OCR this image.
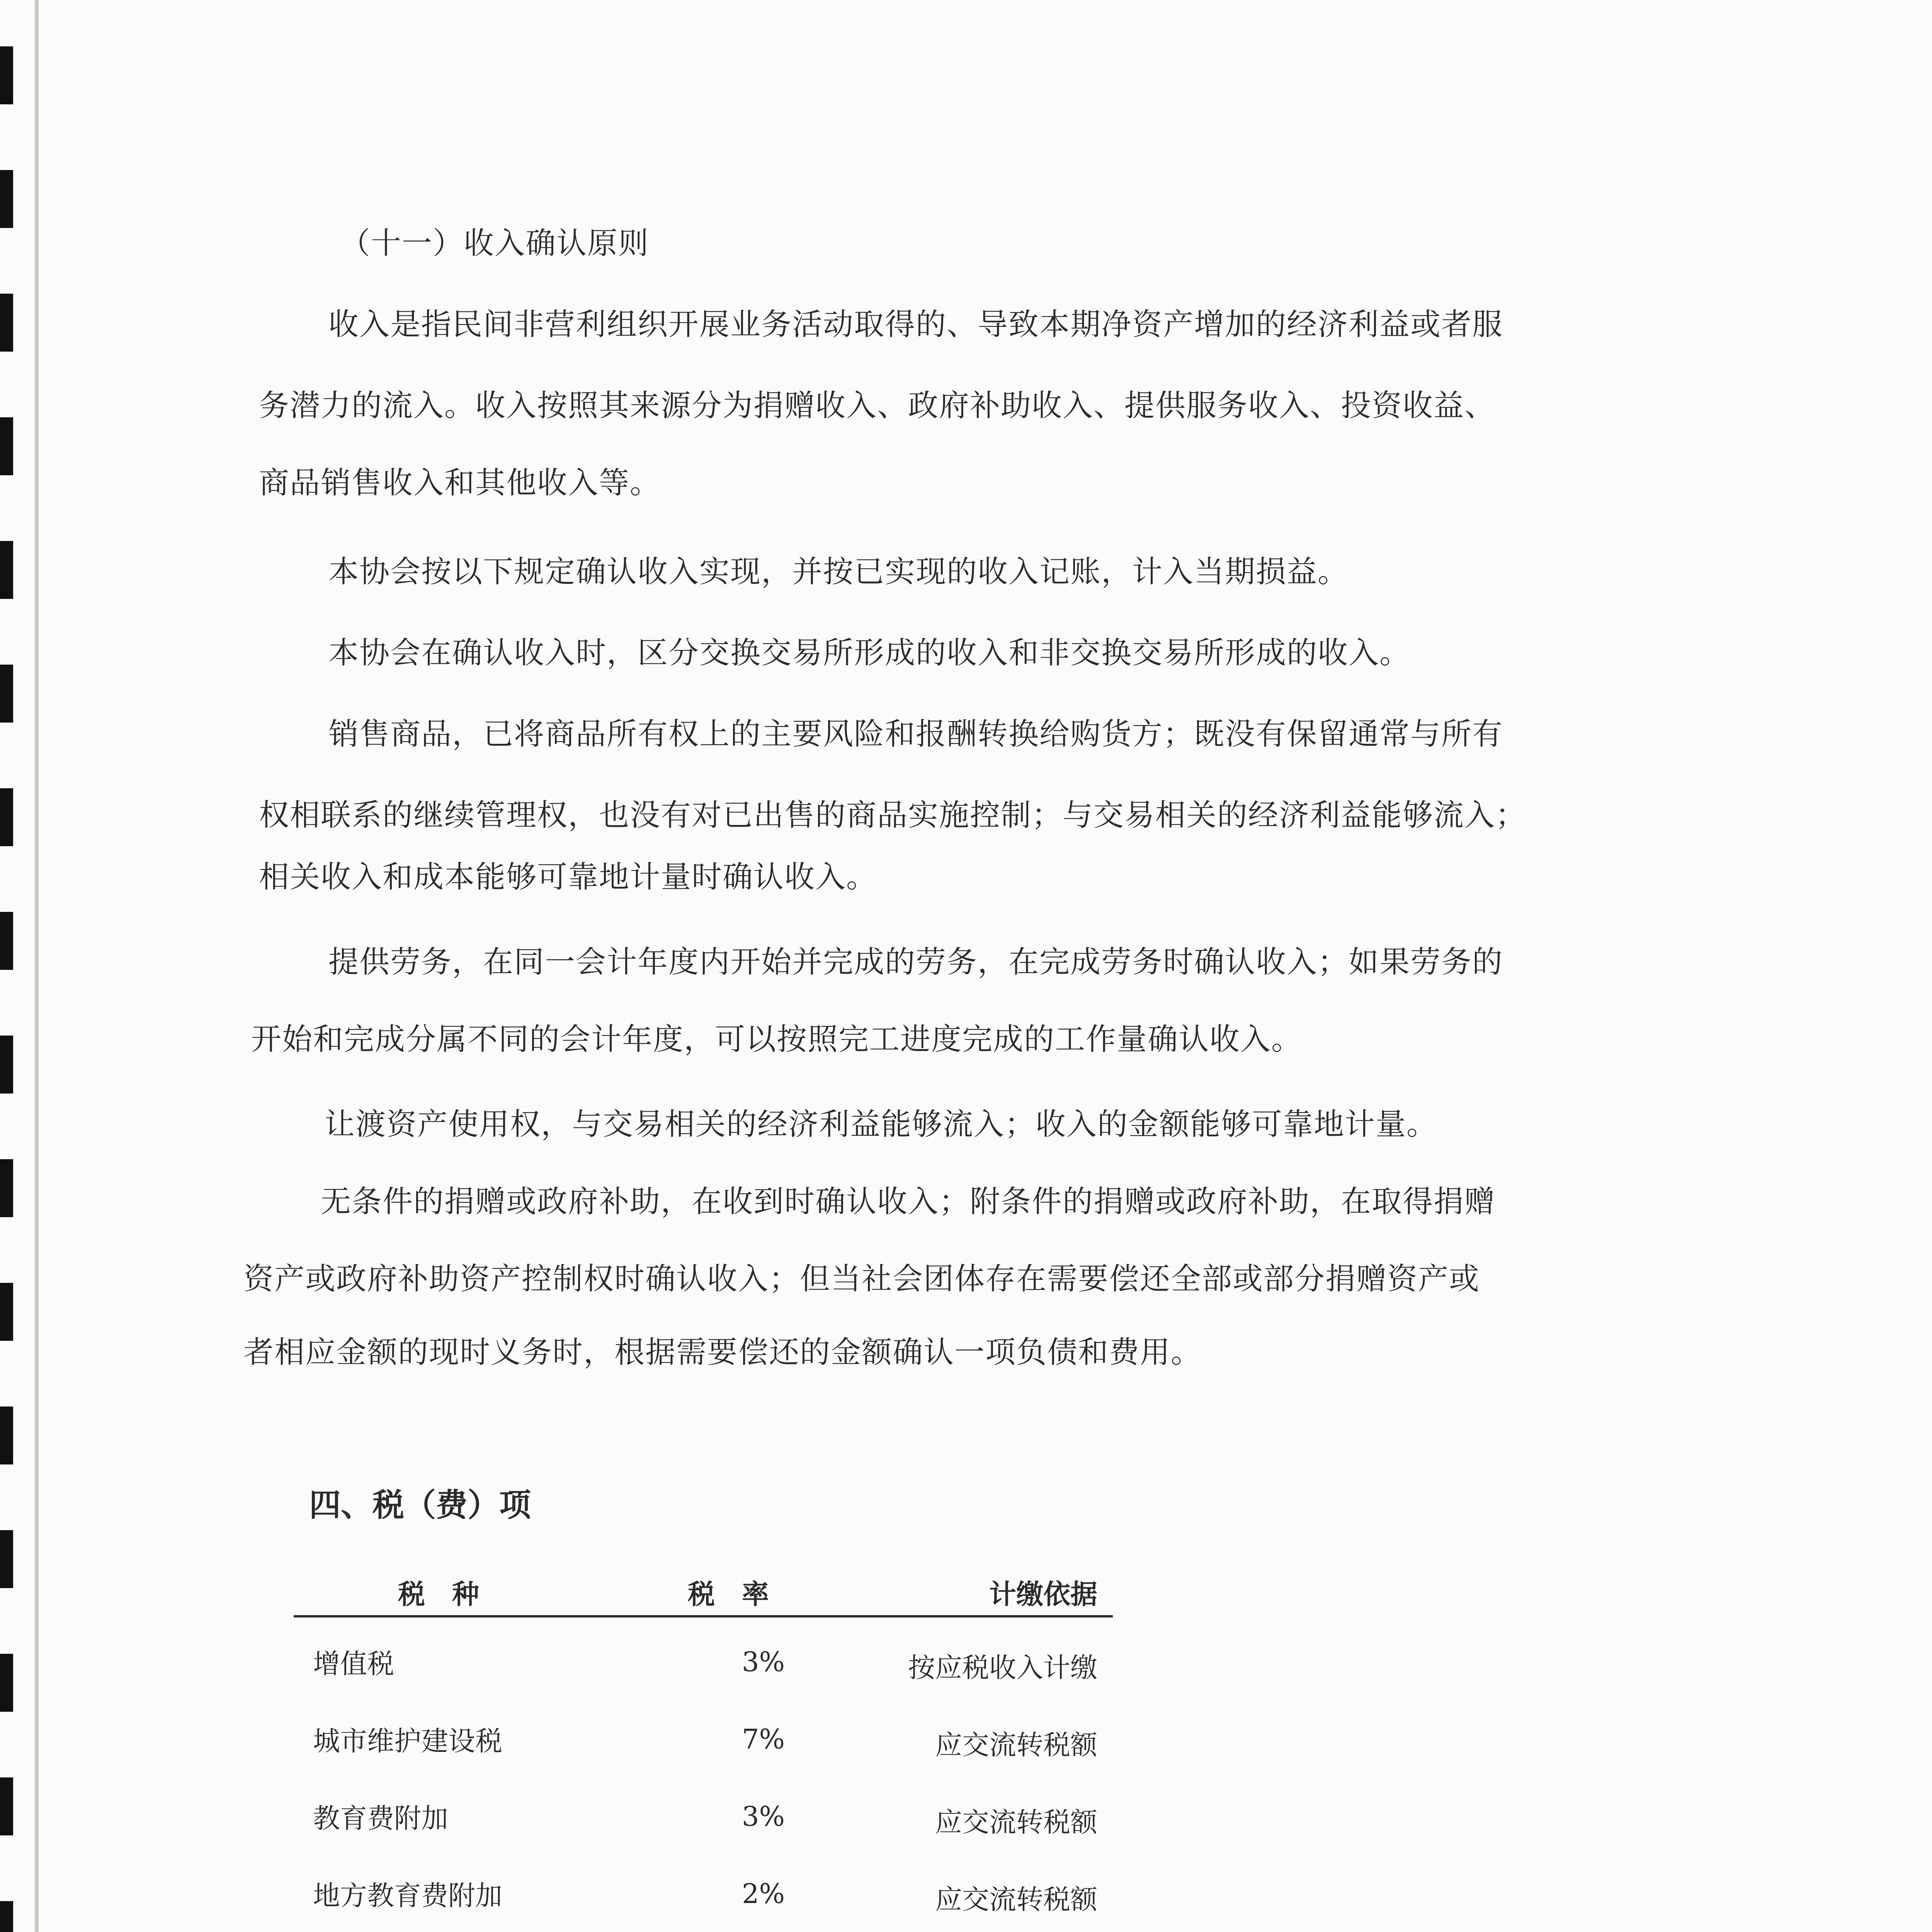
（十一）收入确认原则
收入是指民间非营利组织开展业务活动取得的、导致本期净资产增加的经济利益或者服
务潜力的流入。收入按照其来源分为捐赠收入、政府补助收入、提供服务收入、投资收益、
商品销售收入和其他收入等。
本协会按以下规定确认收入实现，并按已实现的收入记账，计入当期损益。
本协会在确认收入时，区分交换交易所形成的收入和非交换交易所形成的收入。
销售商品，已将商品所有权上的主要风险和报酬转换给购货方；既没有保留通常与所有
权相联系的继续管理权，也没有对已出售的商品实施控制；与交易相关的经济利益能够流入；
相关收入和成本能够可靠地计量时确认收入。
提供劳务，在同一会计年度内开始并完成的劳务，在完成劳务时确认收入；如果劳务的
开始和完成分属不同的会计年度，可以按照完工进度完成的工作量确认收入。
让渡资产使用权，与交易相关的经济利益能够流入；收入的金额能够可靠地计量。
无条件的捐赠或政府补助，在收到时确认收入；附条件的捐赠或政府补助，在取得捐赠
资产或政府补助资产控制权时确认收入；但当社会团体存在需要偿还全部或部分捐赠资产或
者相应金额的现时义务时，根据需要偿还的金额确认一项负债和费用。
四、税（费）项
税　种	税　率	计缴依据
增值税	3%	按应税收入计缴
城市维护建设税	7%	应交流转税额
教育费附加	3%	应交流转税额
地方教育费附加	2%	应交流转税额
